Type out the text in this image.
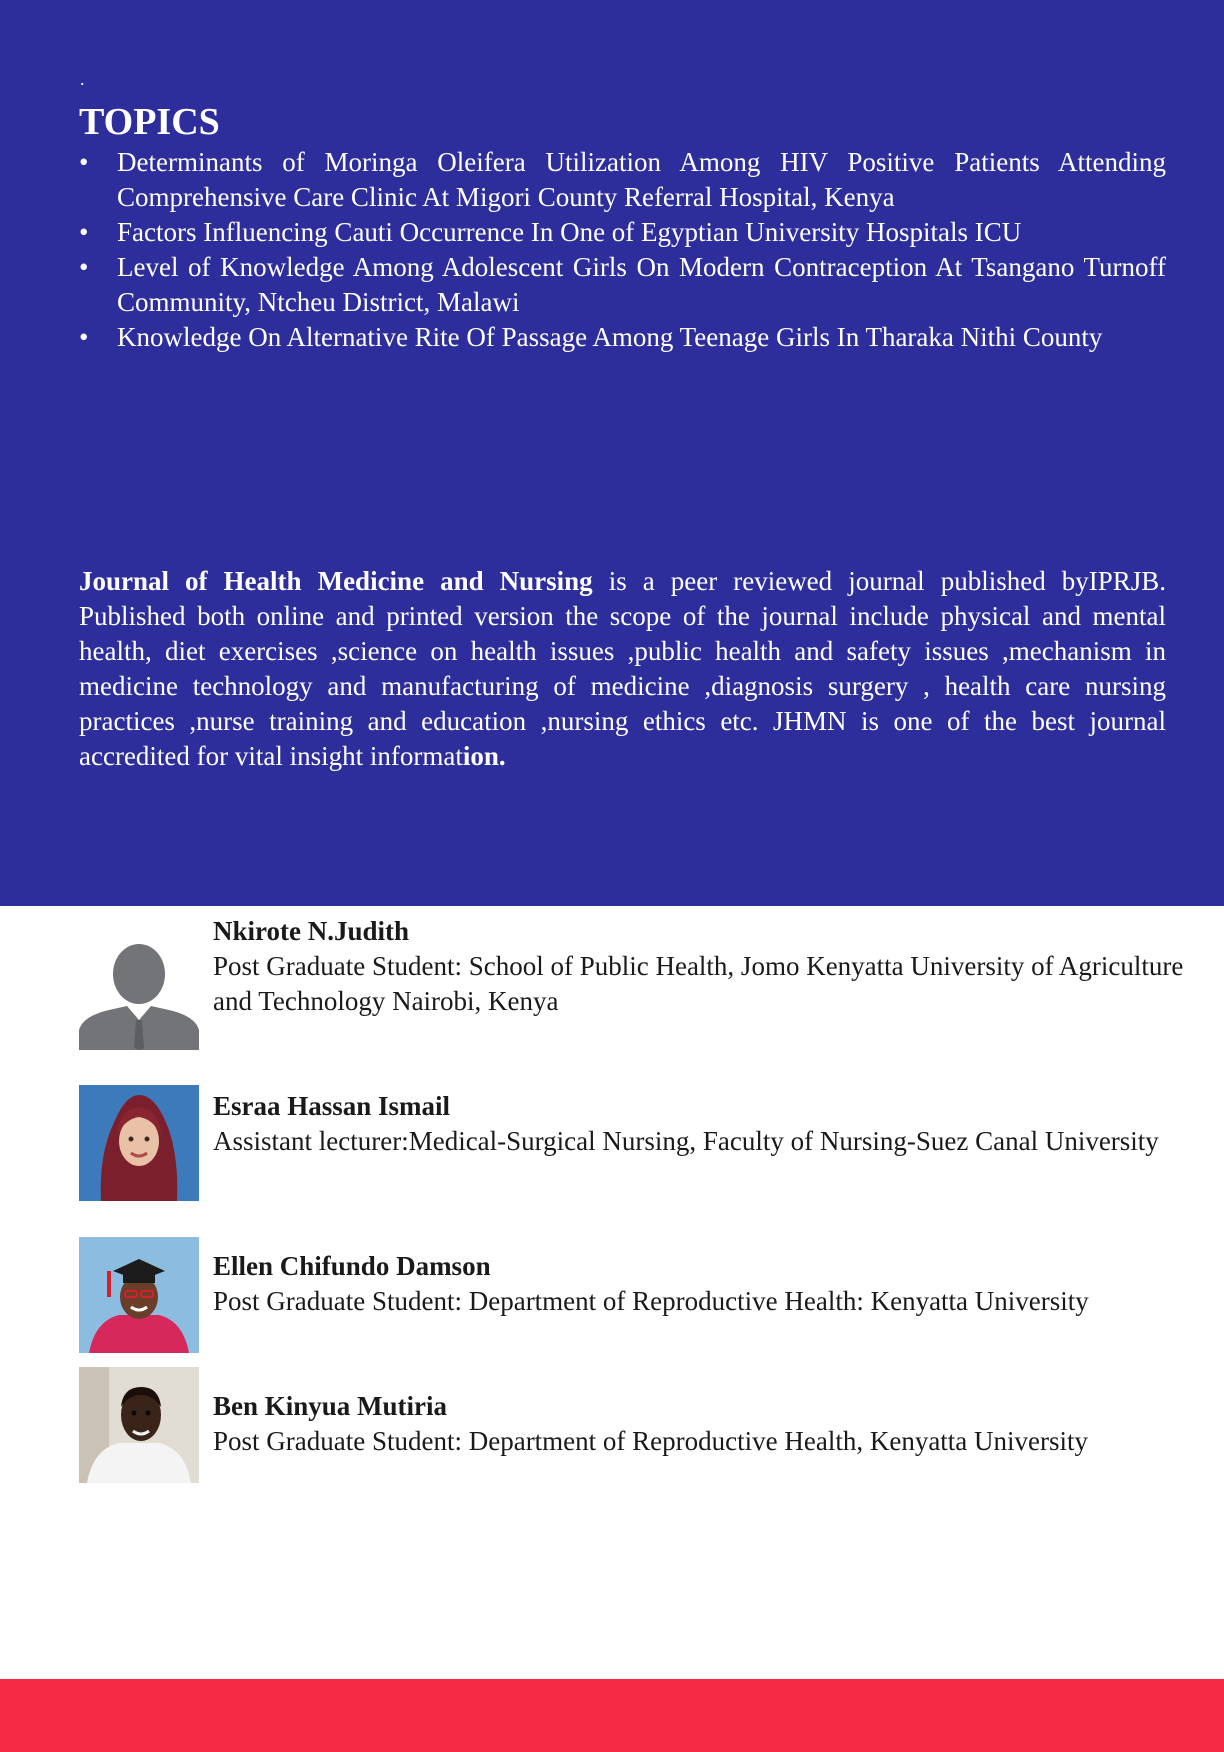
.
TOPICS
• Determinants of Moringa Oleifera Utilization Among HIV Positive Patients Attending Comprehensive Care Clinic At Migori County Referral Hospital, Kenya
• Factors Influencing Cauti Occurrence In One of Egyptian University Hospitals ICU
• Level of Knowledge Among Adolescent Girls On Modern Contraception At Tsangano Turnoff Community, Ntcheu District, Malawi
• Knowledge On Alternative Rite Of Passage Among Teenage Girls In Tharaka Nithi County

Journal of Health Medicine and Nursing is a peer reviewed journal published byIPRJB. Published both online and printed version the scope of the journal include physical and mental health, diet exercises ,science on health issues ,public health and safety issues ,mechanism in medicine technology and manufacturing of medicine ,diagnosis surgery , health care nursing practices ,nurse training and education ,nursing ethics etc. JHMN is one of the best journal accredited for vital insight information.

Nkirote N.Judith
Post Graduate Student: School of Public Health, Jomo Kenyatta University of Agriculture and Technology Nairobi, Kenya
Esraa Hassan Ismail
Assistant lecturer:Medical-Surgical Nursing, Faculty of Nursing-Suez Canal University
Ellen Chifundo Damson
Post Graduate Student: Department of Reproductive Health: Kenyatta University
Ben Kinyua Mutiria
Post Graduate Student: Department of Reproductive Health, Kenyatta University
